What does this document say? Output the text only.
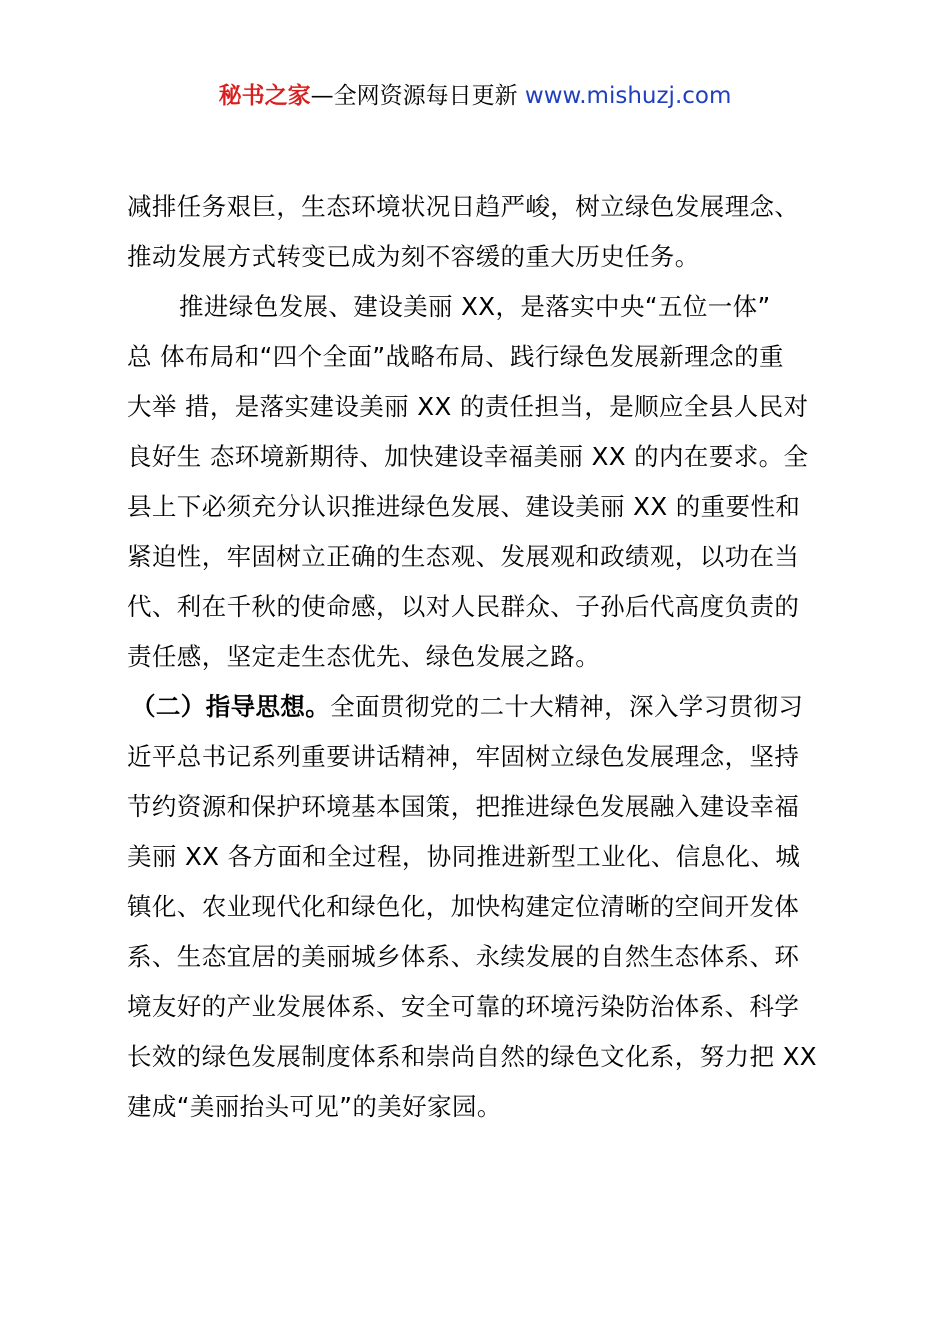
秘书之家—全网资源每日更新 www.mishuzj.com
减排任务艰巨，生态环境状况日趋严峻，树立绿色发展理念、
推动发展方式转变已成为刻不容缓的重大历史任务。
推进绿色发展、建设美丽 XX，是落实中央“五位一体”
总 体布局和“四个全面”战略布局、践行绿色发展新理念的重
大举 措，是落实建设美丽 XX 的责任担当，是顺应全县人民对
良好生 态环境新期待、加快建设幸福美丽 XX 的内在要求。全
县上下必须充分认识推进绿色发展、建设美丽 XX 的重要性和
紧迫性，牢固树立正确的生态观、发展观和政绩观，以功在当
代、利在千秋的使命感，以对人民群众、子孙后代高度负责的
责任感，坚定走生态优先、绿色发展之路。
（二）指导思想。全面贯彻党的二十大精神，深入学习贯彻习
近平总书记系列重要讲话精神，牢固树立绿色发展理念，坚持
节约资源和保护环境基本国策，把推进绿色发展融入建设幸福
美丽 XX 各方面和全过程，协同推进新型工业化、信息化、城
镇化、农业现代化和绿色化，加快构建定位清晰的空间开发体
系、生态宜居的美丽城乡体系、永续发展的自然生态体系、环
境友好的产业发展体系、安全可靠的环境污染防治体系、科学
长效的绿色发展制度体系和崇尚自然的绿色文化系，努力把 XX
建成“美丽抬头可见”的美好家园。
